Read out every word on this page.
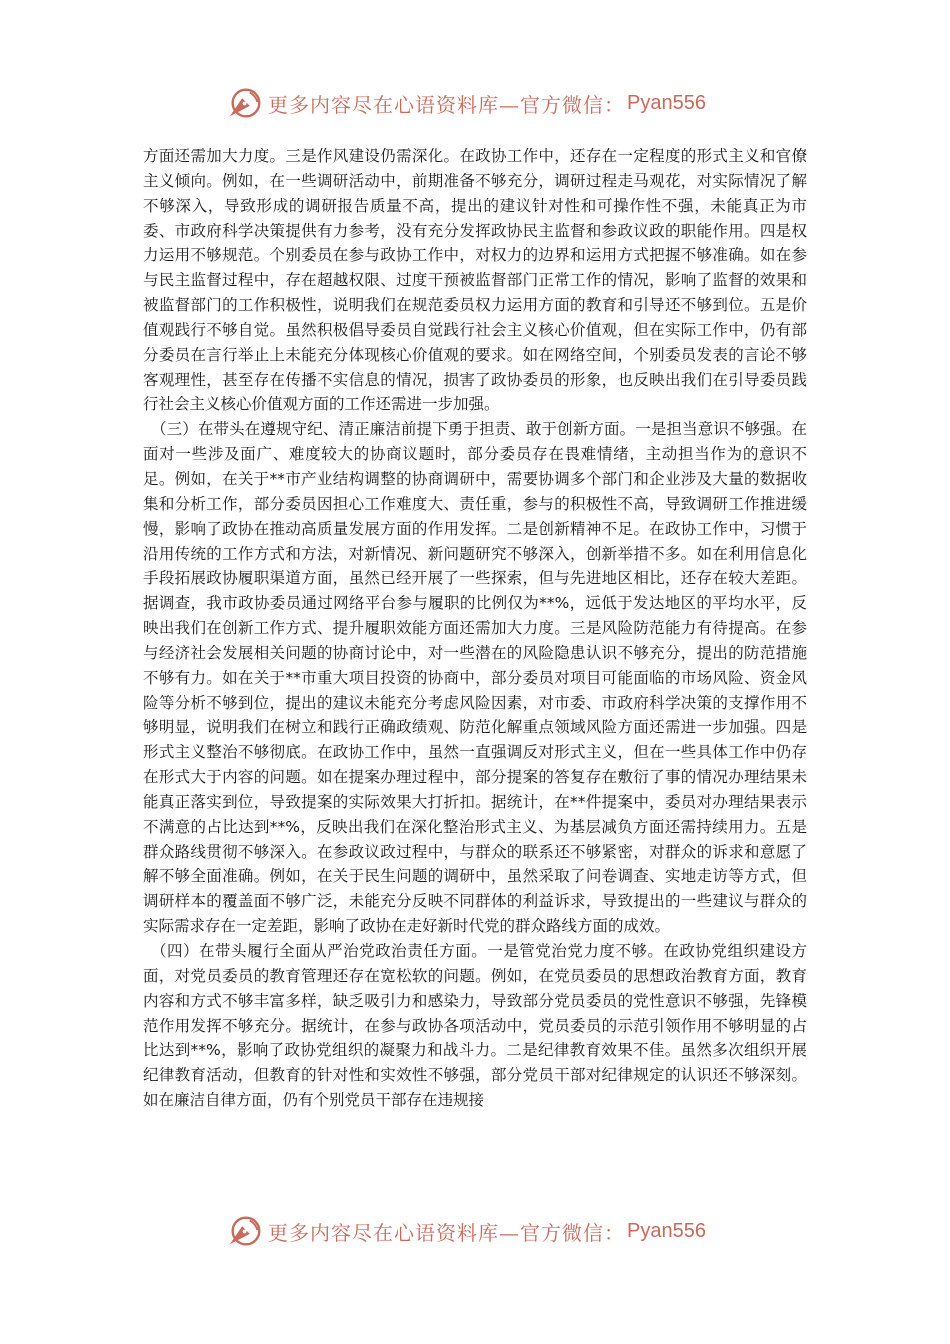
更多内容尽在心语资料库—官方微信： Pyan556

方面还需加大力度。三是作风建设仍需深化。在政协工作中，还存在一定程度的形式主义和官僚主义倾向。例如，在一些调研活动中，前期准备不够充分，调研过程走马观花，对实际情况了解不够深入，导致形成的调研报告质量不高，提出的建议针对性和可操作性不强，未能真正为市委、市政府科学决策提供有力参考，没有充分发挥政协民主监督和参政议政的职能作用。四是权力运用不够规范。个别委员在参与政协工作中，对权力的边界和运用方式把握不够准确。如在参与民主监督过程中，存在超越权限、过度干预被监督部门正常工作的情况，影响了监督的效果和被监督部门的工作积极性，说明我们在规范委员权力运用方面的教育和引导还不够到位。五是价值观践行不够自觉。虽然积极倡导委员自觉践行社会主义核心价值观，但在实际工作中，仍有部分委员在言行举止上未能充分体现核心价值观的要求。如在网络空间，个别委员发表的言论不够客观理性，甚至存在传播不实信息的情况，损害了政协委员的形象，也反映出我们在引导委员践行社会主义核心价值观方面的工作还需进一步加强。

（三）在带头在遵规守纪、清正廉洁前提下勇于担责、敢于创新方面。一是担当意识不够强。在面对一些涉及面广、难度较大的协商议题时，部分委员存在畏难情绪，主动担当作为的意识不足。例如，在关于**市产业结构调整的协商调研中，需要协调多个部门和企业涉及大量的数据收集和分析工作，部分委员因担心工作难度大、责任重，参与的积极性不高，导致调研工作推进缓慢，影响了政协在推动高质量发展方面的作用发挥。二是创新精神不足。在政协工作中，习惯于沿用传统的工作方式和方法，对新情况、新问题研究不够深入，创新举措不多。如在利用信息化手段拓展政协履职渠道方面，虽然已经开展了一些探索，但与先进地区相比，还存在较大差距。据调查，我市政协委员通过网络平台参与履职的比例仅为**%，远低于发达地区的平均水平，反映出我们在创新工作方式、提升履职效能方面还需加大力度。三是风险防范能力有待提高。在参与经济社会发展相关问题的协商讨论中，对一些潜在的风险隐患认识不够充分，提出的防范措施不够有力。如在关于**市重大项目投资的协商中，部分委员对项目可能面临的市场风险、资金风险等分析不够到位，提出的建议未能充分考虑风险因素，对市委、市政府科学决策的支撑作用不够明显，说明我们在树立和践行正确政绩观、防范化解重点领域风险方面还需进一步加强。四是形式主义整治不够彻底。在政协工作中，虽然一直强调反对形式主义，但在一些具体工作中仍存在形式大于内容的问题。如在提案办理过程中，部分提案的答复存在敷衍了事的情况办理结果未能真正落实到位，导致提案的实际效果大打折扣。据统计，在**件提案中，委员对办理结果表示不满意的占比达到**%，反映出我们在深化整治形式主义、为基层减负方面还需持续用力。五是群众路线贯彻不够深入。在参政议政过程中，与群众的联系还不够紧密，对群众的诉求和意愿了解不够全面准确。例如，在关于民生问题的调研中，虽然采取了问卷调查、实地走访等方式，但调研样本的覆盖面不够广泛，未能充分反映不同群体的利益诉求，导致提出的一些建议与群众的实际需求存在一定差距，影响了政协在走好新时代党的群众路线方面的成效。

（四）在带头履行全面从严治党政治责任方面。一是管党治党力度不够。在政协党组织建设方面，对党员委员的教育管理还存在宽松软的问题。例如，在党员委员的思想政治教育方面，教育内容和方式不够丰富多样，缺乏吸引力和感染力，导致部分党员委员的党性意识不够强，先锋模范作用发挥不够充分。据统计，在参与政协各项活动中，党员委员的示范引领作用不够明显的占比达到**%，影响了政协党组织的凝聚力和战斗力。二是纪律教育效果不佳。虽然多次组织开展纪律教育活动，但教育的针对性和实效性不够强，部分党员干部对纪律规定的认识还不够深刻。如在廉洁自律方面，仍有个别党员干部存在违规接

更多内容尽在心语资料库—官方微信： Pyan556
